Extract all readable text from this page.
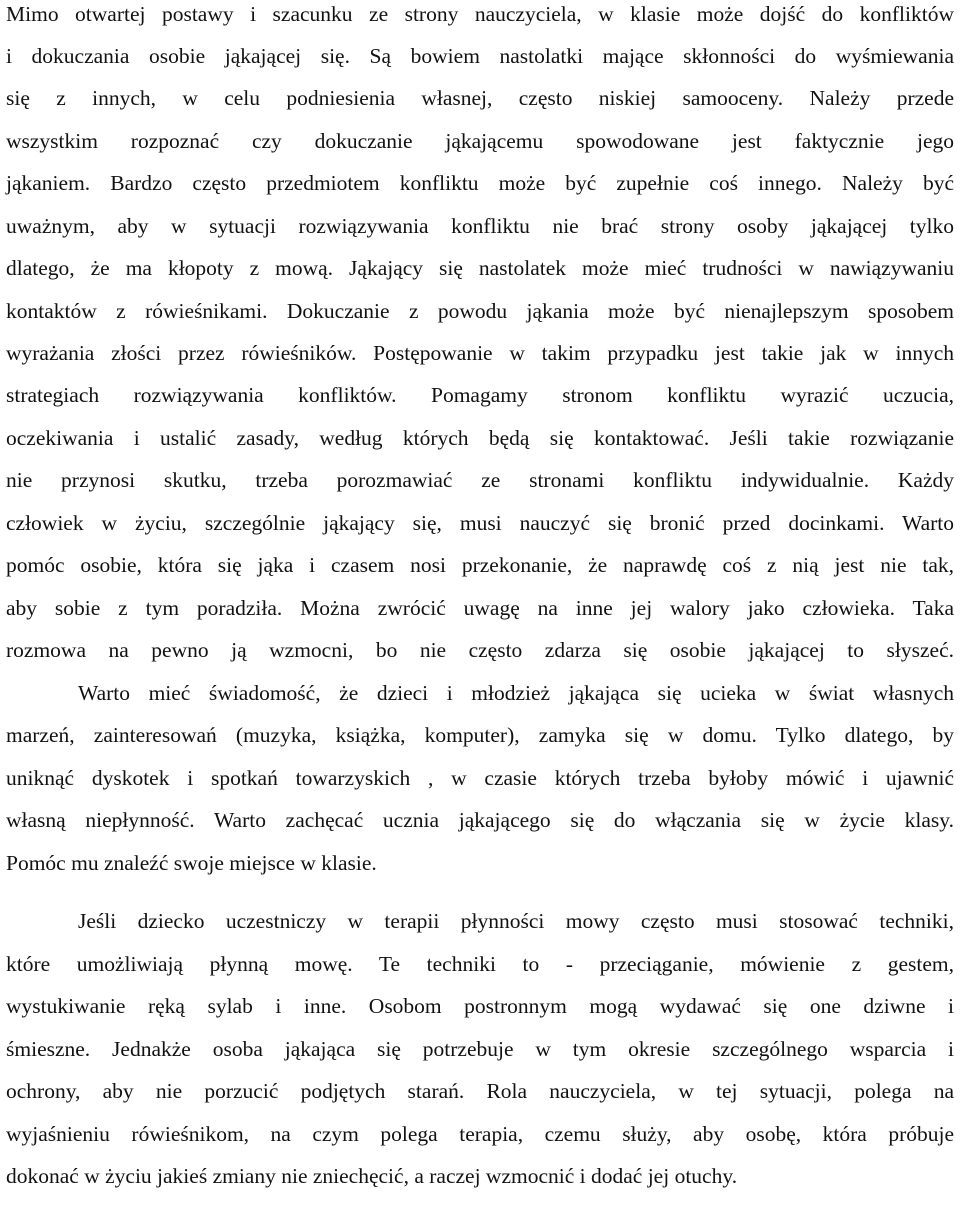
Mimo otwartej postawy i szacunku ze strony nauczyciela, w klasie może dojść do konfliktów
i dokuczania osobie jąkającej się. Są bowiem nastolatki mające skłonności do wyśmiewania
się z innych, w celu podniesienia własnej, często niskiej samooceny. Należy przede
wszystkim rozpoznać czy dokuczanie jąkającemu spowodowane jest faktycznie jego
jąkaniem. Bardzo często przedmiotem konfliktu może być zupełnie coś innego. Należy być
uważnym, aby w sytuacji rozwiązywania konfliktu nie brać strony osoby jąkającej tylko
dlatego, że ma kłopoty z mową. Jąkający się nastolatek może mieć trudności w nawiązywaniu
kontaktów z rówieśnikami. Dokuczanie z powodu jąkania może być nienajlepszym sposobem
wyrażania złości przez rówieśników. Postępowanie w takim przypadku jest takie jak w innych
strategiach rozwiązywania konfliktów. Pomagamy stronom konfliktu wyrazić uczucia,
oczekiwania i ustalić zasady, według których będą się kontaktować. Jeśli takie rozwiązanie
nie przynosi skutku, trzeba porozmawiać ze stronami konfliktu indywidualnie. Każdy
człowiek w życiu, szczególnie jąkający się, musi nauczyć się bronić przed docinkami. Warto
pomóc osobie, która się jąka i czasem nosi przekonanie, że naprawdę coś z nią jest nie tak,
aby sobie z tym poradziła. Można zwrócić uwagę na inne jej walory jako człowieka. Taka
rozmowa na pewno ją wzmocni, bo nie często zdarza się osobie jąkającej to słyszeć.
Warto mieć świadomość, że dzieci i młodzież jąkająca się ucieka w świat własnych
marzeń, zainteresowań (muzyka, książka, komputer), zamyka się w domu. Tylko dlatego, by
uniknąć dyskotek i spotkań towarzyskich , w czasie których trzeba byłoby mówić i ujawnić
własną niepłynność. Warto zachęcać ucznia jąkającego się do włączania się w życie klasy.
Pomóc mu znaleźć swoje miejsce w klasie.
Jeśli dziecko uczestniczy w terapii płynności mowy często musi stosować techniki,
które umożliwiają płynną mowę. Te techniki to - przeciąganie, mówienie z gestem,
wystukiwanie ręką sylab i inne. Osobom postronnym mogą wydawać się one dziwne i
śmieszne. Jednakże osoba jąkająca się potrzebuje w tym okresie szczególnego wsparcia i
ochrony, aby nie porzucić podjętych starań. Rola nauczyciela, w tej sytuacji, polega na
wyjaśnieniu rówieśnikom, na czym polega terapia, czemu służy, aby osobę, która próbuje
dokonać w życiu jakieś zmiany nie zniechęcić, a raczej wzmocnić i dodać jej otuchy.
